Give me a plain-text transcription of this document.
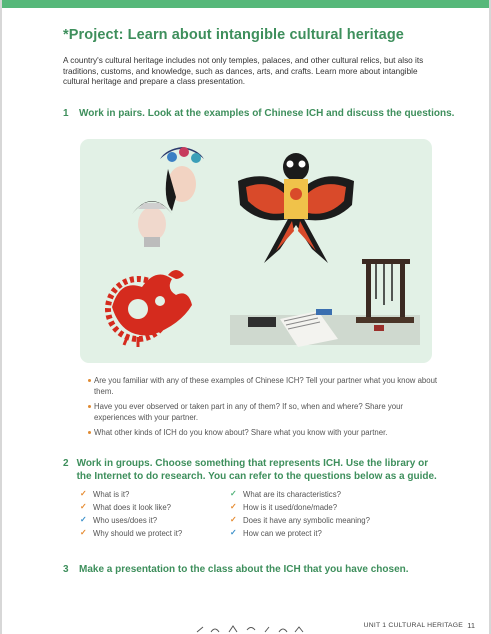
*Project: Learn about intangible cultural heritage

A country's cultural heritage includes not only temples, palaces, and other cultural relics, but also its traditions, customs, and knowledge, such as dances, arts, and crafts. Learn more about intangible cultural heritage and prepare a class presentation.

1 Work in pairs. Look at the examples of Chinese ICH and discuss the questions.
Are you familiar with any of these examples of Chinese ICH? Tell your partner what you know about them.
Have you ever observed or taken part in any of them? If so, when and where? Share your experiences with your partner.
What other kinds of ICH do you know about? Share what you know with your partner.
2 Work in groups. Choose something that represents ICH. Use the library or the Internet to do research. You can refer to the questions below as a guide.
✓ What is it?	✓ What are its characteristics?
✓ What does it look like?	✓ How is it used/done/made?
✓ Who uses/does it?	✓ Does it have any symbolic meaning?
✓ Why should we protect it?	✓ How can we protect it?
3 Make a presentation to the class about the ICH that you have chosen.
UNIT 1 CULTURAL HERITAGE 11
